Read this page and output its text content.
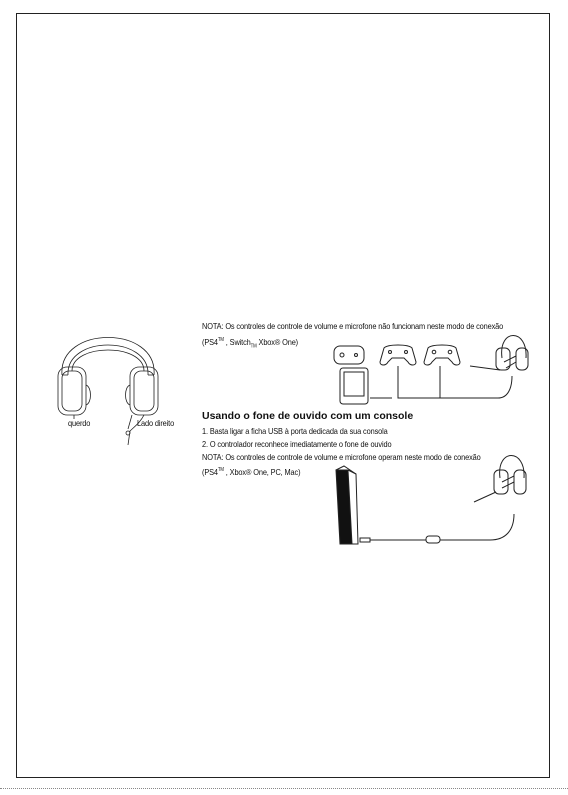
querdo	Lado direito
NOTA: Os controles de controle de volume e microfone não funcionam neste modo de conexão
(PS4™ , Switch$_{TM}$ Xbox® One)
Usando o fone de ouvido com um console
1. Basta ligar a ficha USB à porta dedicada da sua consola
2. O controlador reconhece imediatamente o fone de ouvido
NOTA: Os controles de controle de volume e microfone operam neste modo de conexão
(PS4™ , Xbox® One, PC, Mac)
